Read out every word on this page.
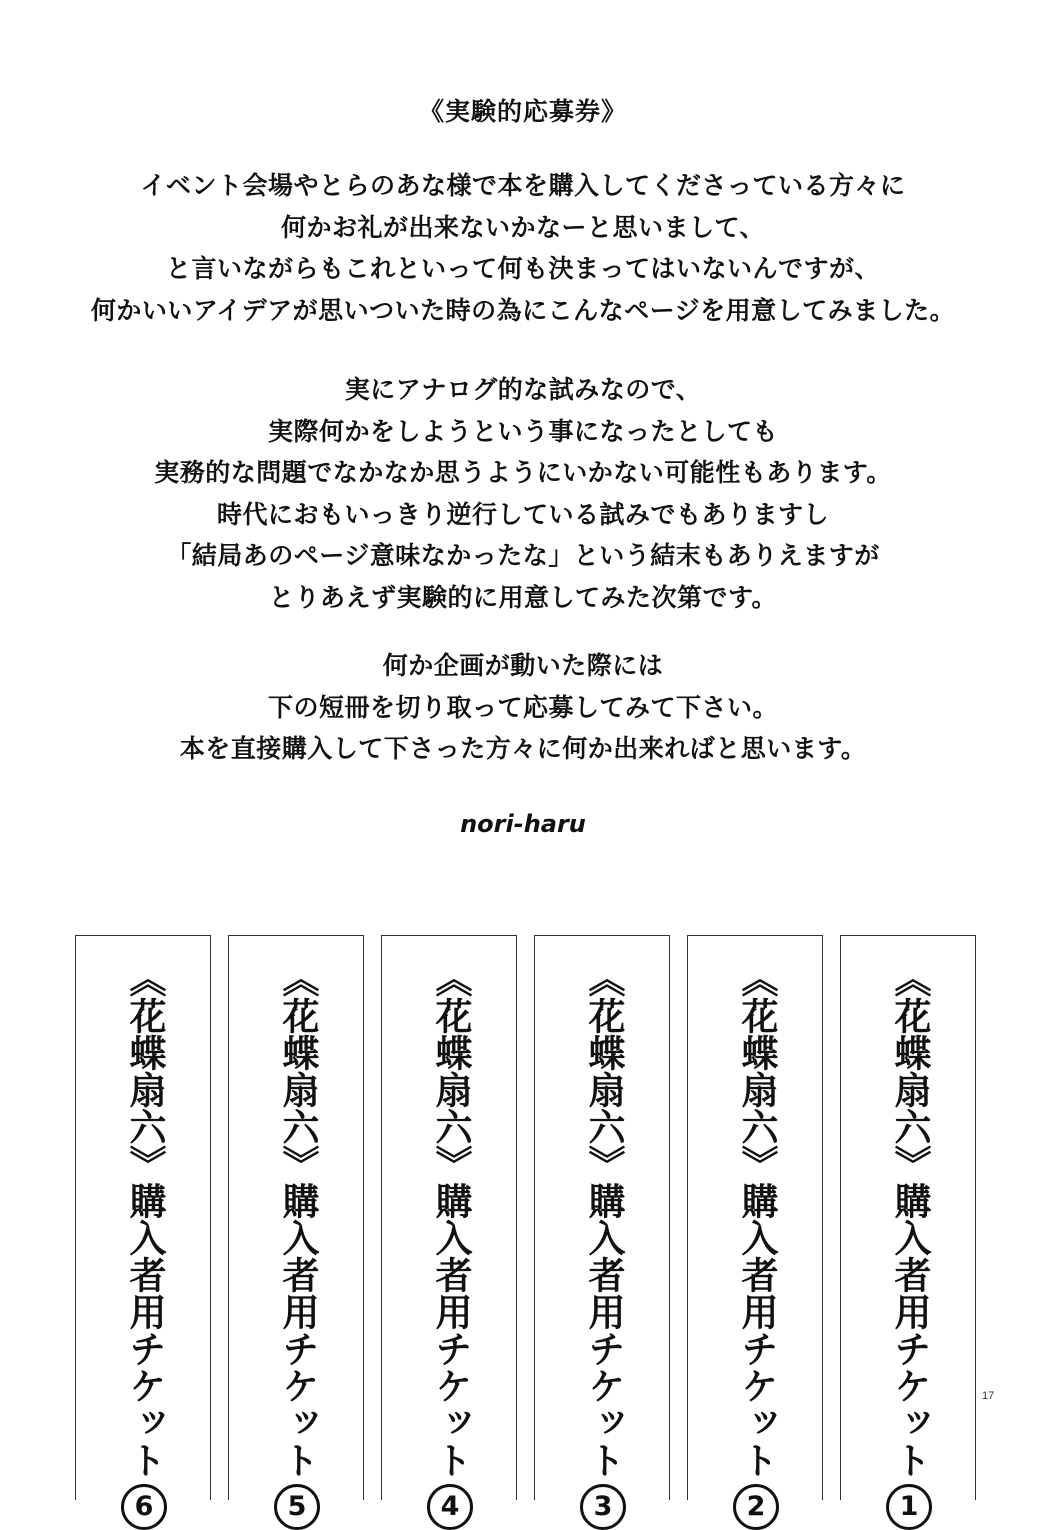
《実験的応募券》
イベント会場やとらのあな様で本を購入してくださっている方々に
何かお礼が出来ないかなーと思いまして、
と言いながらもこれといって何も決まってはいないんですが、
何かいいアイデアが思いついた時の為にこんなページを用意してみました。
実にアナログ的な試みなので、
実際何かをしようという事になったとしても
実務的な問題でなかなか思うようにいかない可能性もあります。
時代におもいっきり逆行している試みでもありますし
「結局あのページ意味なかったな」という結末もありえますが
とりあえず実験的に用意してみた次第です。
何か企画が動いた際には
下の短冊を切り取って応募してみて下さい。
本を直接購入して下さった方々に何か出来ればと思います。
nori-haru
《花蝶扇六》購入者用チケット6
《花蝶扇六》購入者用チケット5
《花蝶扇六》購入者用チケット4
《花蝶扇六》購入者用チケット3
《花蝶扇六》購入者用チケット2
《花蝶扇六》購入者用チケット1
17
